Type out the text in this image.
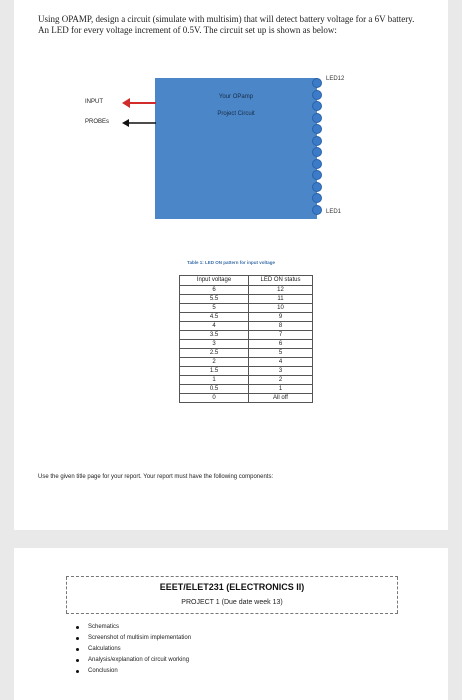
Using OPAMP, design a circuit (simulate with multisim) that will detect battery voltage for a 6V battery. An LED for every voltage increment of 0.5V. The circuit set up is shown as below:
Your OPamp
Project Circuit
INPUT
PROBEs
LED12
LED1
Table 1: LED ON pattern for input voltage
Input voltage	LED ON status
6	12
5.5	11
5	10
4.5	9
4	8
3.5	7
3	6
2.5	5
2	4
1.5	3
1	2
0.5	1
0	All off
Use the given title page for your report. Your report must have the following components:
EEET/ELET231 (ELECTRONICS II)
PROJECT 1 (Due date week 13)
Schematics
Screenshot of multisim implementation
Calculations
Analysis/explanation of circuit working
Conclusion
